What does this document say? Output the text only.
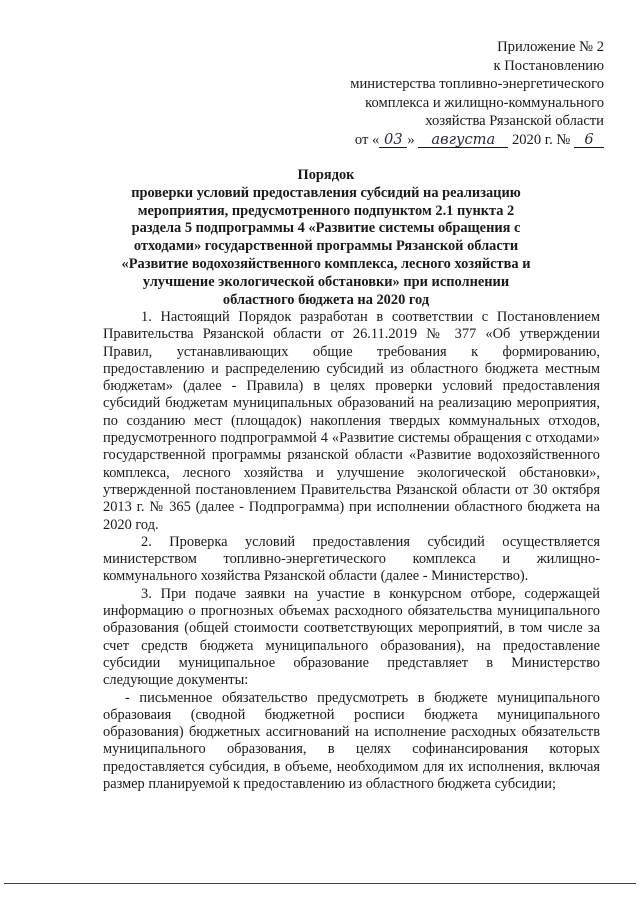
Приложение № 2
к Постановлению
министерства топливно-энергетического
комплекса и жилищно-коммунального
хозяйства Рязанской области
от « 03 » августа 2020 г. № 6
Порядок
проверки условий предоставления субсидий на реализацию мероприятия, предусмотренного подпунктом 2.1 пункта 2 раздела 5 подпрограммы 4 «Развитие системы обращения с отходами» государственной программы Рязанской области «Развитие водохозяйственного комплекса, лесного хозяйства и улучшение экологической обстановки» при исполнении областного бюджета на 2020 год

1. Настоящий Порядок разработан в соответствии с Постановлением Правительства Рязанской области от 26.11.2019 № 377 «Об утверждении Правил, устанавливающих общие требования к формированию, предоставлению и распределению субсидий из областного бюджета местным бюджетам» (далее - Правила) в целях проверки условий предоставления субсидий бюджетам муниципальных образований на реализацию мероприятия, по созданию мест (площадок) накопления твердых коммунальных отходов, предусмотренного подпрограммой 4 «Развитие системы обращения с отходами» государственной программы рязанской области «Развитие водохозяйственного комплекса, лесного хозяйства и улучшение экологической обстановки», утвержденной постановлением Правительства Рязанской области от 30 октября 2013 г. № 365 (далее - Подпрограмма) при исполнении областного бюджета на 2020 год.

2. Проверка условий предоставления субсидий осуществляется министерством топливно-энергетического комплекса и жилищно-коммунального хозяйства Рязанской области (далее - Министерство).

3. При подаче заявки на участие в конкурсном отборе, содержащей информацию о прогнозных объемах расходного обязательства муниципального образования (общей стоимости соответствующих мероприятий, в том числе за счет средств бюджета муниципального образования), на предоставление субсидии муниципальное образование представляет в Министерство следующие документы:

- письменное обязательство предусмотреть в бюджете муниципального образоваия (сводной бюджетной росписи бюджета муниципального образования) бюджетных ассигнований на исполнение расходных обязательств муниципального образования, в целях софинансирования которых предоставляется субсидия, в объеме, необходимом для их исполнения, включая размер планируемой к предоставлению из областного бюджета субсидии;
